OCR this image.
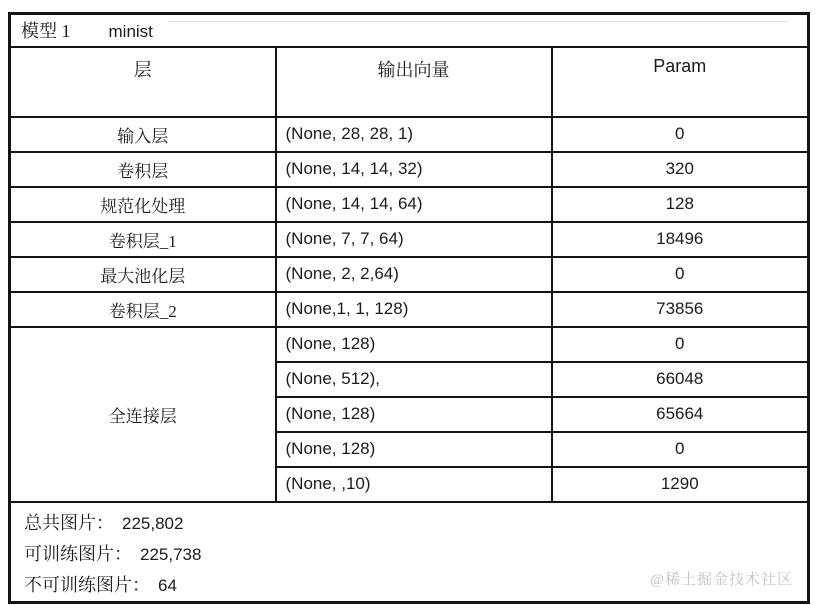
模型 1 minist		
层	输出向量	Param
输入层	(None, 28, 28, 1)	0
卷积层	(None, 14, 14, 32)	320
规范化处理	(None, 14, 14, 64)	128
卷积层_1	(None, 7, 7, 64)	18496
最大池化层	(None, 2, 2,64)	0
卷积层_2	(None,1, 1, 128)	73856
全连接层	(None, 128)	0
	(None, 512),	66048
	(None, 128)	65664
	(None, 128)	0
	(None, ,10)	1290

总共图片： 225,802
可训练图片： 225,738
不可训练图片： 64			@稀土掘金技术社区
